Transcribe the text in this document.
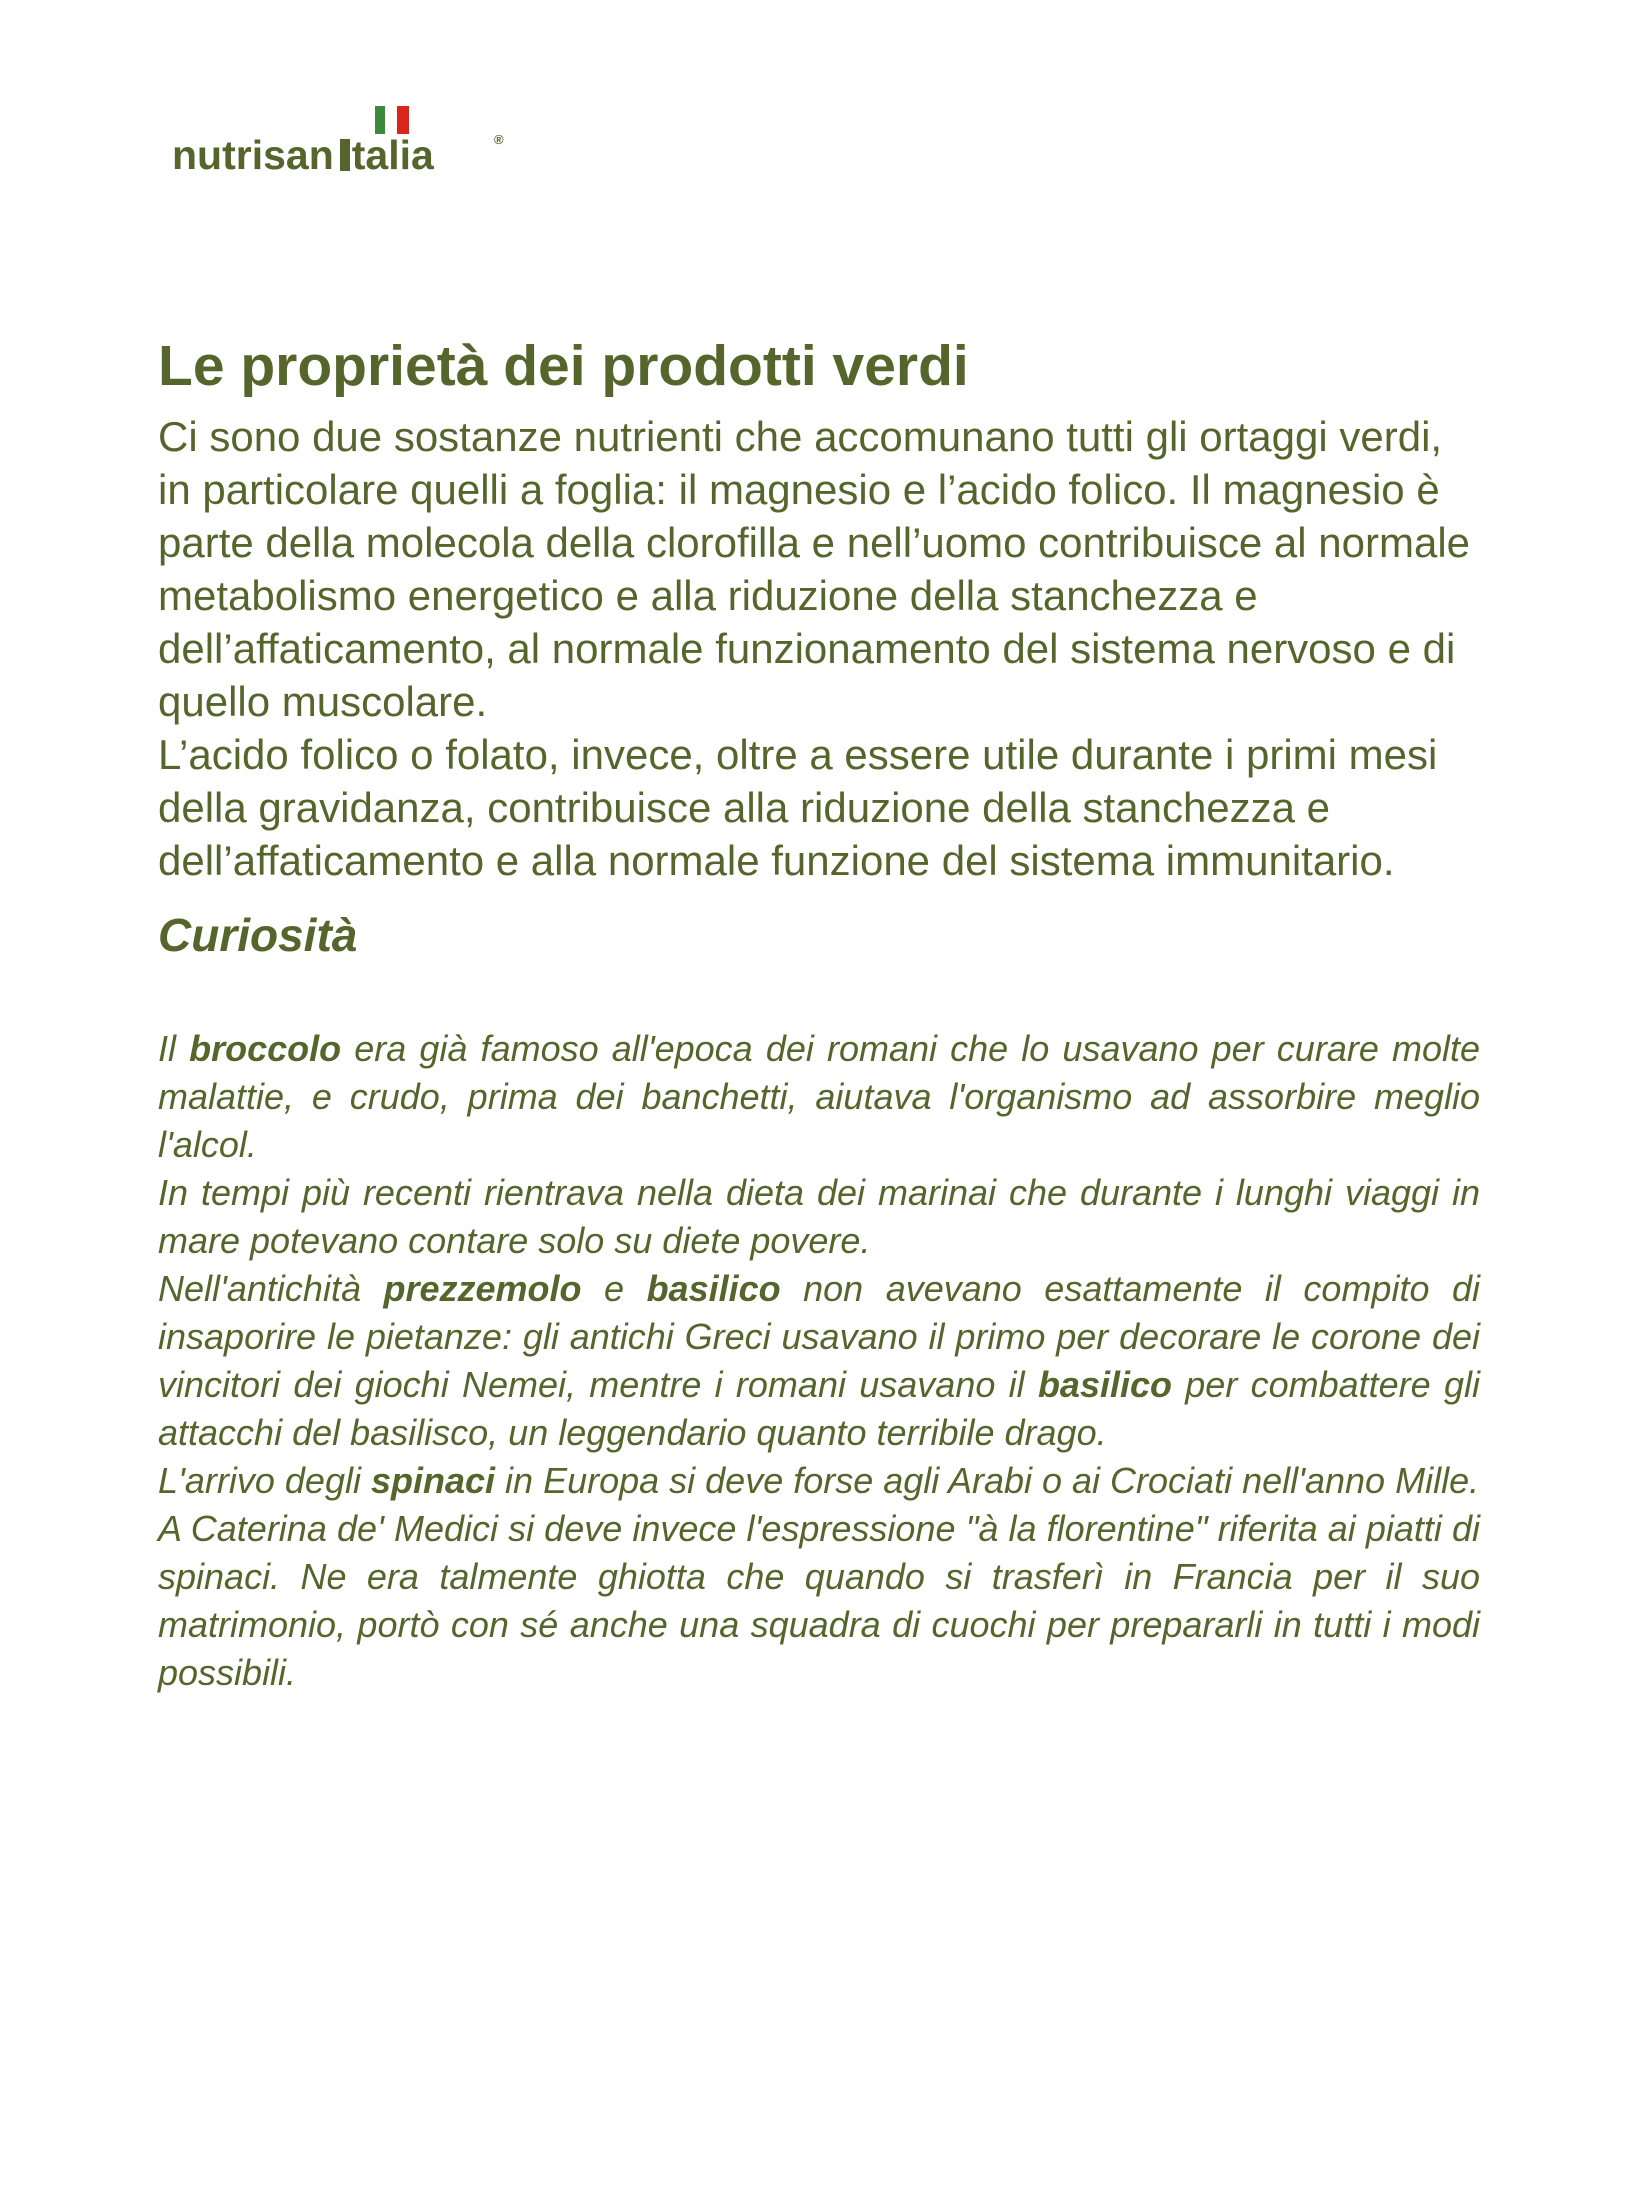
nutrisan talia	®
Le proprietà dei prodotti verdi

Ci sono due sostanze nutrienti che accomunano tutti gli ortaggi verdi, in particolare quelli a foglia: il magnesio e l’acido folico. Il magnesio è parte della molecola della clorofilla e nell’uomo contribuisce al normale metabolismo energetico e alla riduzione della stanchezza e dell’affaticamento, al normale funzionamento del sistema nervoso e di quello muscolare.

L’acido folico o folato, invece, oltre a essere utile durante i primi mesi della gravidanza, contribuisce alla riduzione della stanchezza e dell’affaticamento e alla normale funzione del sistema immunitario.

Curiosità

Il broccolo era già famoso all'epoca dei romani che lo usavano per curare molte malattie, e crudo, prima dei banchetti, aiutava l'organismo ad assorbire meglio l'alcol.

In tempi più recenti rientrava nella dieta dei marinai che durante i lunghi viaggi in mare potevano contare solo su diete povere.

Nell'antichità prezzemolo e basilico non avevano esattamente il compito di insaporire le pietanze: gli antichi Greci usavano il primo per decorare le corone dei vincitori dei giochi Nemei, mentre i romani usavano il basilico per combattere gli attacchi del basilisco, un leggendario quanto terribile drago.

L'arrivo degli spinaci in Europa si deve forse agli Arabi o ai Crociati nell'anno Mille.

A Caterina de' Medici si deve invece l'espressione "à la florentine" riferita ai piatti di spinaci. Ne era talmente ghiotta che quando si trasferì in Francia per il suo matrimonio, portò con sé anche una squadra di cuochi per prepararli in tutti i modi possibili.
